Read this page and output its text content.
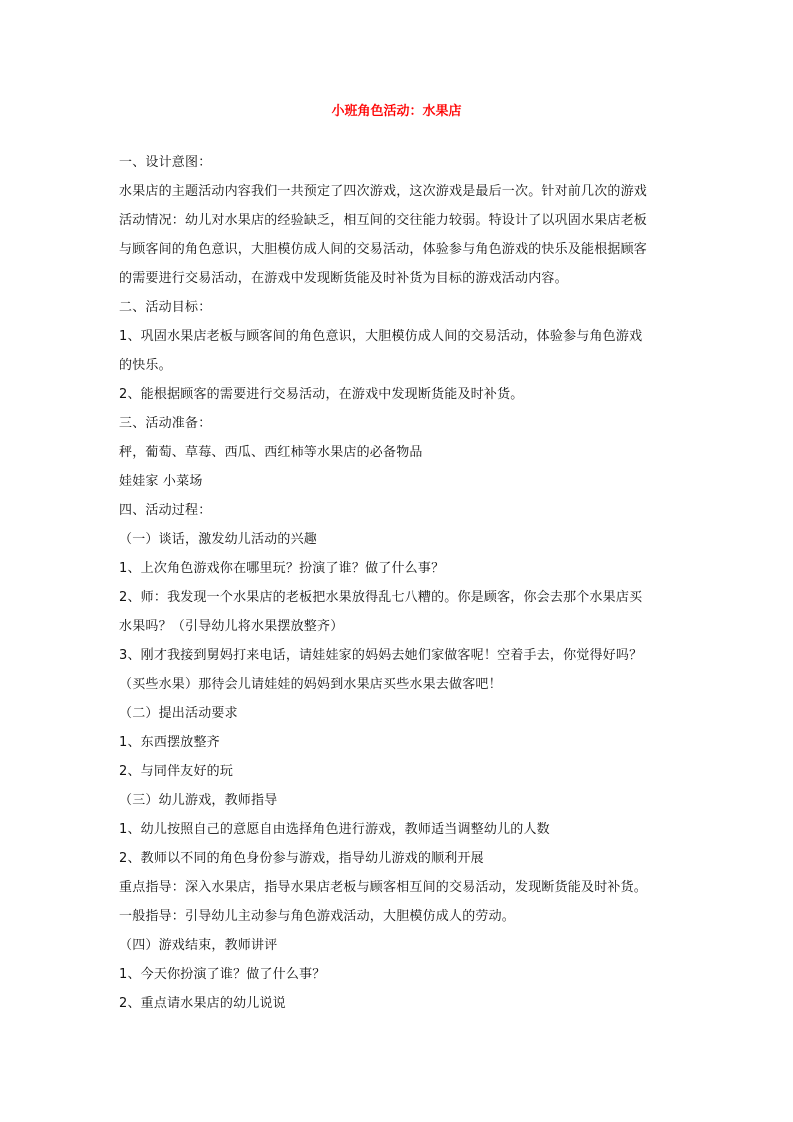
小班角色活动：水果店
一、设计意图：
水果店的主题活动内容我们一共预定了四次游戏，这次游戏是最后一次。针对前几次的游戏
活动情况：幼儿对水果店的经验缺乏，相互间的交往能力较弱。特设计了以巩固水果店老板
与顾客间的角色意识，大胆模仿成人间的交易活动，体验参与角色游戏的快乐及能根据顾客
的需要进行交易活动，在游戏中发现断货能及时补货为目标的游戏活动内容。
二、活动目标：
1、巩固水果店老板与顾客间的角色意识，大胆模仿成人间的交易活动，体验参与角色游戏
的快乐。
2、能根据顾客的需要进行交易活动，在游戏中发现断货能及时补货。
三、活动准备：
秤，葡萄、草莓、西瓜、西红柿等水果店的必备物品
娃娃家 小菜场
四、活动过程：
（一）谈话，激发幼儿活动的兴趣
1、上次角色游戏你在哪里玩？扮演了谁？做了什么事？
2、师：我发现一个水果店的老板把水果放得乱七八糟的。你是顾客，你会去那个水果店买
水果吗？（引导幼儿将水果摆放整齐）
3、刚才我接到舅妈打来电话，请娃娃家的妈妈去她们家做客呢！空着手去，你觉得好吗？
（买些水果）那待会儿请娃娃的妈妈到水果店买些水果去做客吧！
（二）提出活动要求
1、东西摆放整齐
2、与同伴友好的玩
（三）幼儿游戏，教师指导
1、幼儿按照自己的意愿自由选择角色进行游戏，教师适当调整幼儿的人数
2、教师以不同的角色身份参与游戏，指导幼儿游戏的顺利开展
重点指导：深入水果店，指导水果店老板与顾客相互间的交易活动，发现断货能及时补货。
一般指导：引导幼儿主动参与角色游戏活动，大胆模仿成人的劳动。
（四）游戏结束，教师讲评
1、今天你扮演了谁？做了什么事？
2、重点请水果店的幼儿说说
